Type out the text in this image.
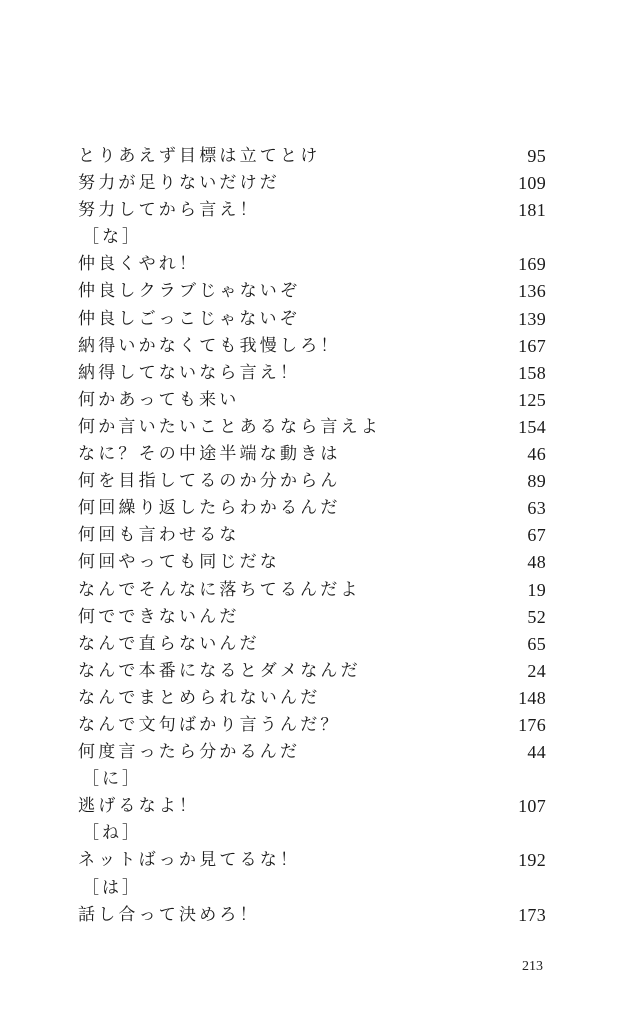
とりあえず目標は立てとけ	95
努力が足りないだけだ	109
努力してから言え！	181
［な］
仲良くやれ！	169
仲良しクラブじゃないぞ	136
仲良しごっこじゃないぞ	139
納得いかなくても我慢しろ！	167
納得してないなら言え！	158
何かあっても来い	125
何か言いたいことあるなら言えよ	154
なに？その中途半端な動きは	46
何を目指してるのか分からん	89
何回繰り返したらわかるんだ	63
何回も言わせるな	67
何回やっても同じだな	48
なんでそんなに落ちてるんだよ	19
何でできないんだ	52
なんで直らないんだ	65
なんで本番になるとダメなんだ	24
なんでまとめられないんだ	148
なんで文句ばかり言うんだ？	176
何度言ったら分かるんだ	44
［に］
逃げるなよ！	107
［ね］
ネットばっか見てるな！	192
［は］
話し合って決めろ！	173
213
